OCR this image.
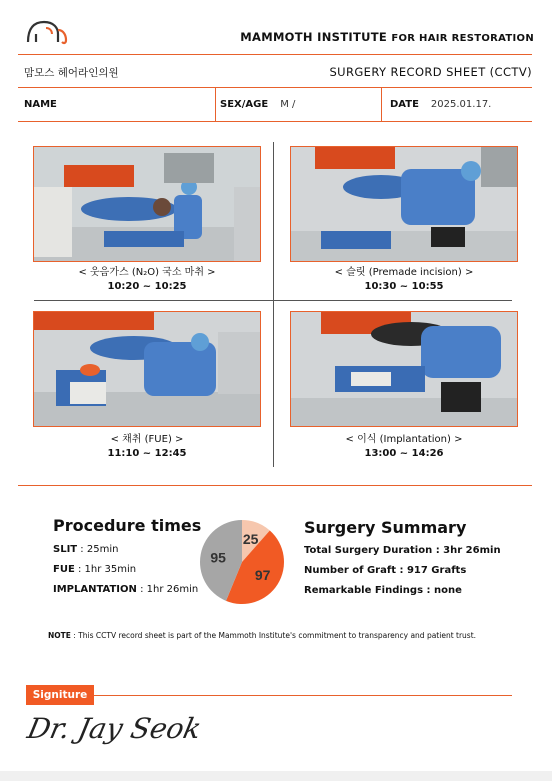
MAMMOTH INSTITUTE FOR HAIR RESTORATION
맘모스 헤어라인의원	SURGERY RECORD SHEET (CCTV)
NAME	SEX/AGE M /	DATE 2025.01.17.
< 웃음가스 (N₂O) 국소 마취 >
10:20 ~ 10:25
< 슬릿 (Premade incision) >
10:30 ~ 10:55
< 채취 (FUE) >
11:10 ~ 12:45
< 이식 (Implantation) >
13:00 ~ 14:26
Procedure times
SLIT : 25min
FUE : 1hr 35min
IMPLANTATION : 1hr 26min
25
97
95
Surgery Summary
Total Surgery Duration : 3hr 26min
Number of Graft : 917 Grafts
Remarkable Findings : none
NOTE : This CCTV record sheet is part of the Mammoth Institute's commitment to transparency and patient trust.
Signiture
Dr. Jay Seok
